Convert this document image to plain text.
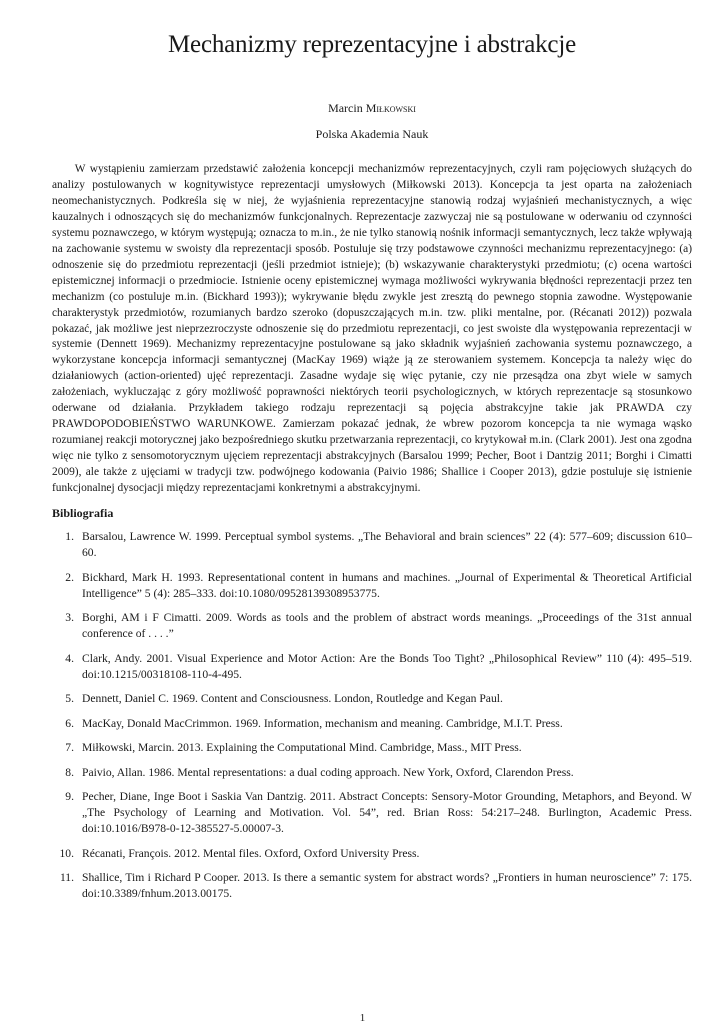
Mechanizmy reprezentacyjne i abstrakcje

Marcin Miłkowski

Polska Akademia Nauk

W wystąpieniu zamierzam przedstawić założenia koncepcji mechanizmów reprezentacyjnych, czyli ram pojęciowych służących do analizy postulowanych w kognitywistyce reprezentacji umysłowych (Miłkowski 2013). Koncepcja ta jest oparta na założeniach neomechanistycznych. Podkreśla się w niej, że wyjaśnienia reprezentacyjne stanowią rodzaj wyjaśnień mechanistycznych, a więc kauzalnych i odnoszących się do mechanizmów funkcjonalnych. Reprezentacje zazwyczaj nie są postulowane w oderwaniu od czynności systemu poznawczego, w którym występują; oznacza to m.in., że nie tylko stanowią nośnik informacji semantycznych, lecz także wpływają na zachowanie systemu w swoisty dla reprezentacji sposób. Postuluje się trzy podstawowe czynności mechanizmu reprezentacyjnego: (a) odnoszenie się do przedmiotu reprezentacji (jeśli przedmiot istnieje); (b) wskazywanie charakterystyki przedmiotu; (c) ocena wartości epistemicznej informacji o przedmiocie. Istnienie oceny epistemicznej wymaga możliwości wykrywania błędności reprezentacji przez ten mechanizm (co postuluje m.in. (Bickhard 1993)); wykrywanie błędu zwykle jest zresztą do pewnego stopnia zawodne. Występowanie charakterystyk przedmiotów, rozumianych bardzo szeroko (dopuszczających m.in. tzw. pliki mentalne, por. (Récanati 2012)) pozwala pokazać, jak możliwe jest nieprzezroczyste odnoszenie się do przedmiotu reprezentacji, co jest swoiste dla występowania reprezentacji w systemie (Dennett 1969). Mechanizmy reprezentacyjne postulowane są jako składnik wyjaśnień zachowania systemu poznawczego, a wykorzystane koncepcja informacji semantycznej (MacKay 1969) wiąże ją ze sterowaniem systemem. Koncepcja ta należy więc do działaniowych (action-oriented) ujęć reprezentacji. Zasadne wydaje się więc pytanie, czy nie przesądza ona zbyt wiele w samych założeniach, wykluczając z góry możliwość poprawności niektórych teorii psychologicznych, w których reprezentacje są stosunkowo oderwane od działania. Przykładem takiego rodzaju reprezentacji są pojęcia abstrakcyjne takie jak PRAWDA czy PRAWDOPODOBIEŃSTWO WARUNKOWE. Zamierzam pokazać jednak, że wbrew pozorom koncepcja ta nie wymaga wąsko rozumianej reakcji motorycznej jako bezpośredniego skutku przetwarzania reprezentacji, co krytykował m.in. (Clark 2001). Jest ona zgodna więc nie tylko z sensomotorycznym ujęciem reprezentacji abstrakcyjnych (Barsalou 1999; Pecher, Boot i Dantzig 2011; Borghi i Cimatti 2009), ale także z ujęciami w tradycji tzw. podwójnego kodowania (Paivio 1986; Shallice i Cooper 2013), gdzie postuluje się istnienie funkcjonalnej dysocjacji między reprezentacjami konkretnymi a abstrakcyjnymi.

Bibliografia
1. Barsalou, Lawrence W. 1999. Perceptual symbol systems. „The Behavioral and brain sciences” 22 (4): 577–609; discussion 610–60.
2. Bickhard, Mark H. 1993. Representational content in humans and machines. „Journal of Experimental & Theoretical Artificial Intelligence” 5 (4): 285–333. doi:10.1080/09528139308953775.
3. Borghi, AM i F Cimatti. 2009. Words as tools and the problem of abstract words meanings. „Proceedings of the 31st annual conference of . . . .”
4. Clark, Andy. 2001. Visual Experience and Motor Action: Are the Bonds Too Tight? „Philosophical Review” 110 (4): 495–519. doi:10.1215/00318108-110-4-495.
5. Dennett, Daniel C. 1969. Content and Consciousness. London, Routledge and Kegan Paul.
6. MacKay, Donald MacCrimmon. 1969. Information, mechanism and meaning. Cambridge, M.I.T. Press.
7. Miłkowski, Marcin. 2013. Explaining the Computational Mind. Cambridge, Mass., MIT Press.
8. Paivio, Allan. 1986. Mental representations: a dual coding approach. New York, Oxford, Clarendon Press.
9. Pecher, Diane, Inge Boot i Saskia Van Dantzig. 2011. Abstract Concepts: Sensory-Motor Grounding, Metaphors, and Beyond. W „The Psychology of Learning and Motivation. Vol. 54”, red. Brian Ross: 54:217–248. Burlington, Academic Press. doi:10.1016/B978-0-12-385527-5.00007-3.
10. Récanati, François. 2012. Mental files. Oxford, Oxford University Press.
11. Shallice, Tim i Richard P Cooper. 2013. Is there a semantic system for abstract words? „Frontiers in human neuroscience” 7: 175. doi:10.3389/fnhum.2013.00175.
1
